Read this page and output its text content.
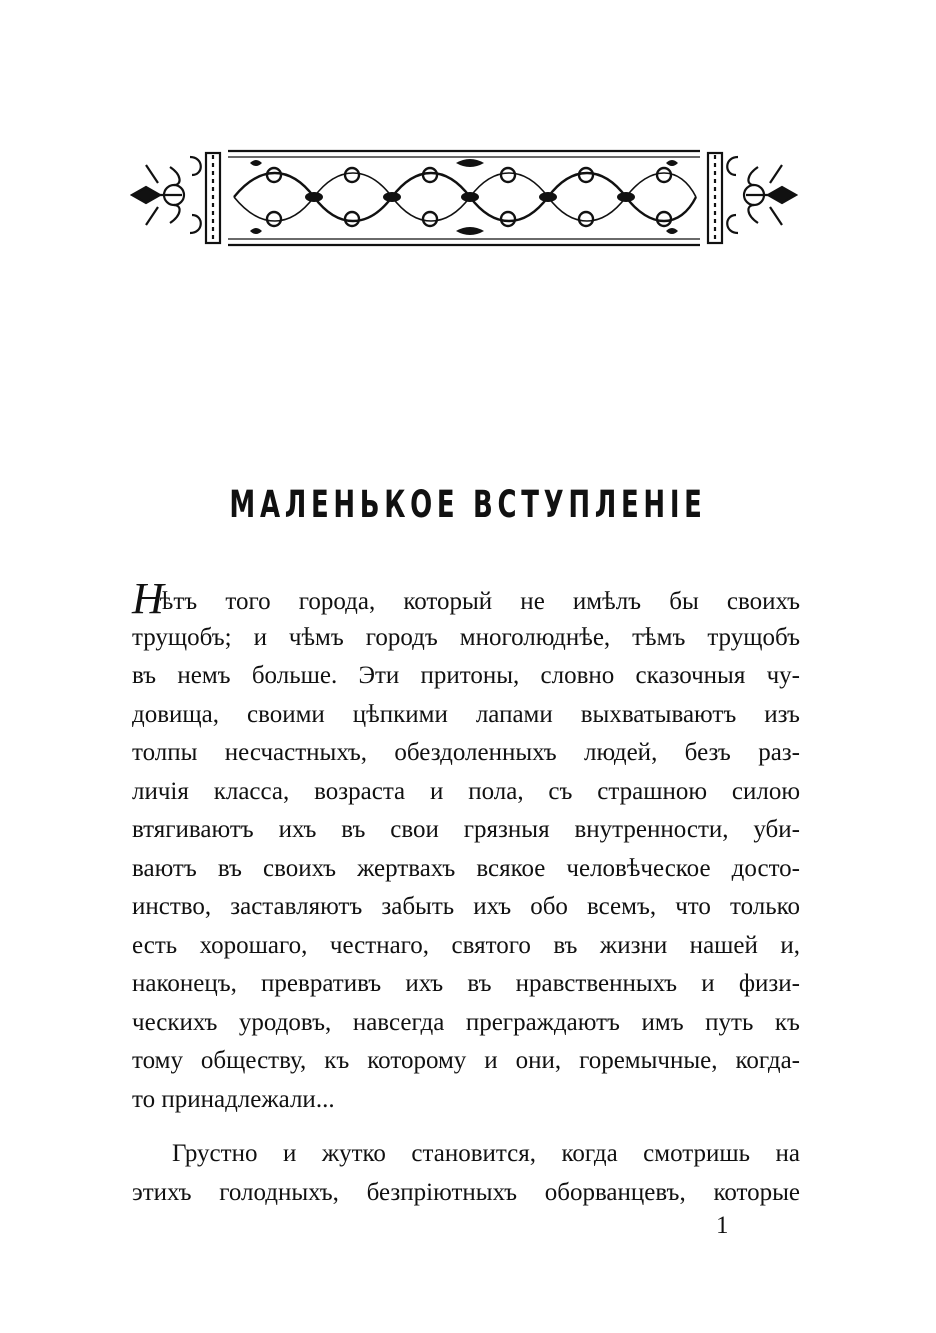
МАЛЕНЬКОЕ ВСТУПЛЕНІЕ
Нѣтъ того города, который не имѣлъ бы своихъ
трущобъ; и чѣмъ городъ многолюднѣе, тѣмъ трущобъ
въ немъ больше. Эти притоны, словно сказочныя чу-
довища, своими цѣпкими лапами выхватываютъ изъ
толпы несчастныхъ, обездоленныхъ людей, безъ раз-
личія класса, возраста и пола, съ страшною силою
втягиваютъ ихъ въ свои грязныя внутренности, уби-
ваютъ въ своихъ жертвахъ всякое человѣческое досто-
инство, заставляютъ забыть ихъ обо всемъ, что только
есть хорошаго, честнаго, святого въ жизни нашей и,
наконецъ, превративъ ихъ въ нравственныхъ и физи-
ческихъ уродовъ, навсегда преграждаютъ имъ путь къ
тому обществу, къ которому и они, горемычные, когда-
то принадлежали...
Грустно и жутко становится, когда смотришь на
этихъ голодныхъ, безпріютныхъ оборванцевъ, которые
1
